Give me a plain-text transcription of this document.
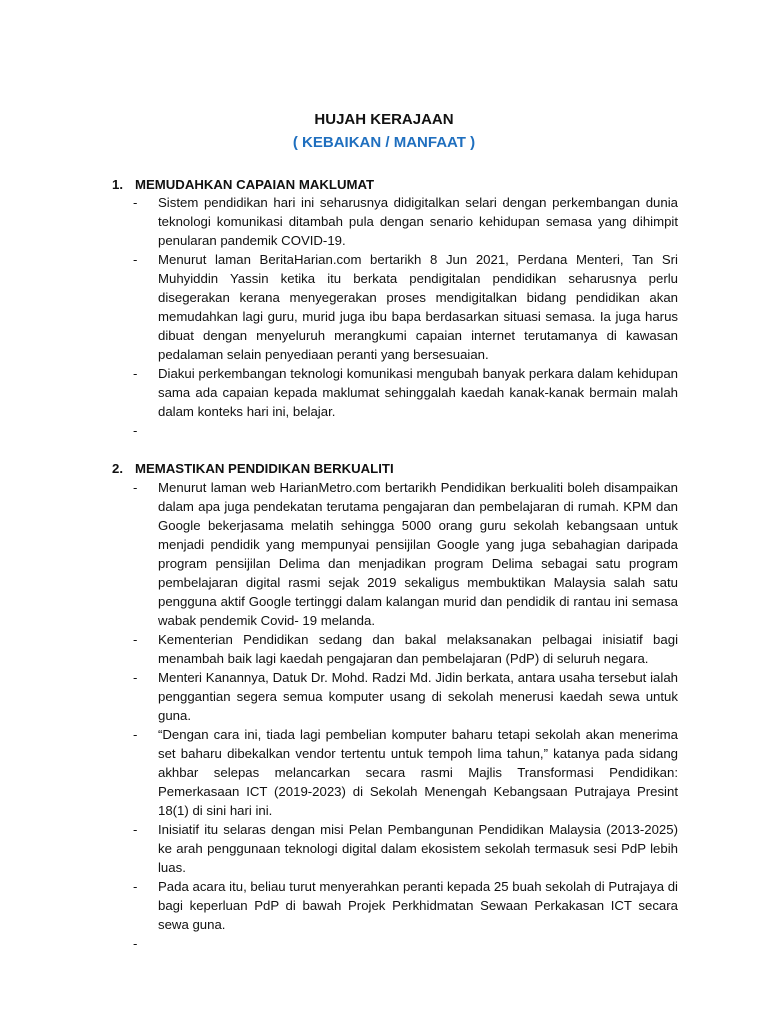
HUJAH KERAJAAN
( KEBAIKAN / MANFAAT )
1. MEMUDAHKAN CAPAIAN MAKLUMAT
- Sistem pendidikan hari ini seharusnya didigitalkan selari dengan perkembangan dunia teknologi komunikasi ditambah pula dengan senario kehidupan semasa yang dihimpit penularan pandemik COVID-19.
- Menurut laman BeritaHarian.com bertarikh 8 Jun 2021, Perdana Menteri, Tan Sri Muhyiddin Yassin ketika itu berkata pendigitalan pendidikan seharusnya perlu disegerakan kerana menyegerakan proses mendigitalkan bidang pendidikan akan memudahkan lagi guru, murid juga ibu bapa berdasarkan situasi semasa. Ia juga harus dibuat dengan menyeluruh merangkumi capaian internet terutamanya di kawasan pedalaman selain penyediaan peranti yang bersesuaian.
- Diakui perkembangan teknologi komunikasi mengubah banyak perkara dalam kehidupan sama ada capaian kepada maklumat sehinggalah kaedah kanak-kanak bermain malah dalam konteks hari ini, belajar.
-

2. MEMASTIKAN PENDIDIKAN BERKUALITI
- Menurut laman web HarianMetro.com bertarikh Pendidikan berkualiti boleh disampaikan dalam apa juga pendekatan terutama pengajaran dan pembelajaran di rumah. KPM dan Google bekerjasama melatih sehingga 5000 orang guru sekolah kebangsaan untuk menjadi pendidik yang mempunyai pensijilan Google yang juga sebahagian daripada program pensijilan Delima dan menjadikan program Delima sebagai satu program pembelajaran digital rasmi sejak 2019 sekaligus membuktikan Malaysia salah satu pengguna aktif Google tertinggi dalam kalangan murid dan pendidik di rantau ini semasa wabak pendemik Covid- 19 melanda.
- Kementerian Pendidikan sedang dan bakal melaksanakan pelbagai inisiatif bagi menambah baik lagi kaedah pengajaran dan pembelajaran (PdP) di seluruh negara.
- Menteri Kanannya, Datuk Dr. Mohd. Radzi Md. Jidin berkata, antara usaha tersebut ialah penggantian segera semua komputer usang di sekolah menerusi kaedah sewa untuk guna.
- “Dengan cara ini, tiada lagi pembelian komputer baharu tetapi sekolah akan menerima set baharu dibekalkan vendor tertentu untuk tempoh lima tahun,” katanya pada sidang akhbar selepas melancarkan secara rasmi Majlis Transformasi Pendidikan: Pemerkasaan ICT (2019-2023) di Sekolah Menengah Kebangsaan Putrajaya Presint 18(1) di sini hari ini.
- Inisiatif itu selaras dengan misi Pelan Pembangunan Pendidikan Malaysia (2013-2025) ke arah penggunaan teknologi digital dalam ekosistem sekolah termasuk sesi PdP lebih luas.
- Pada acara itu, beliau turut menyerahkan peranti kepada 25 buah sekolah di Putrajaya di bagi keperluan PdP di bawah Projek Perkhidmatan Sewaan Perkakasan ICT secara sewa guna.
-
